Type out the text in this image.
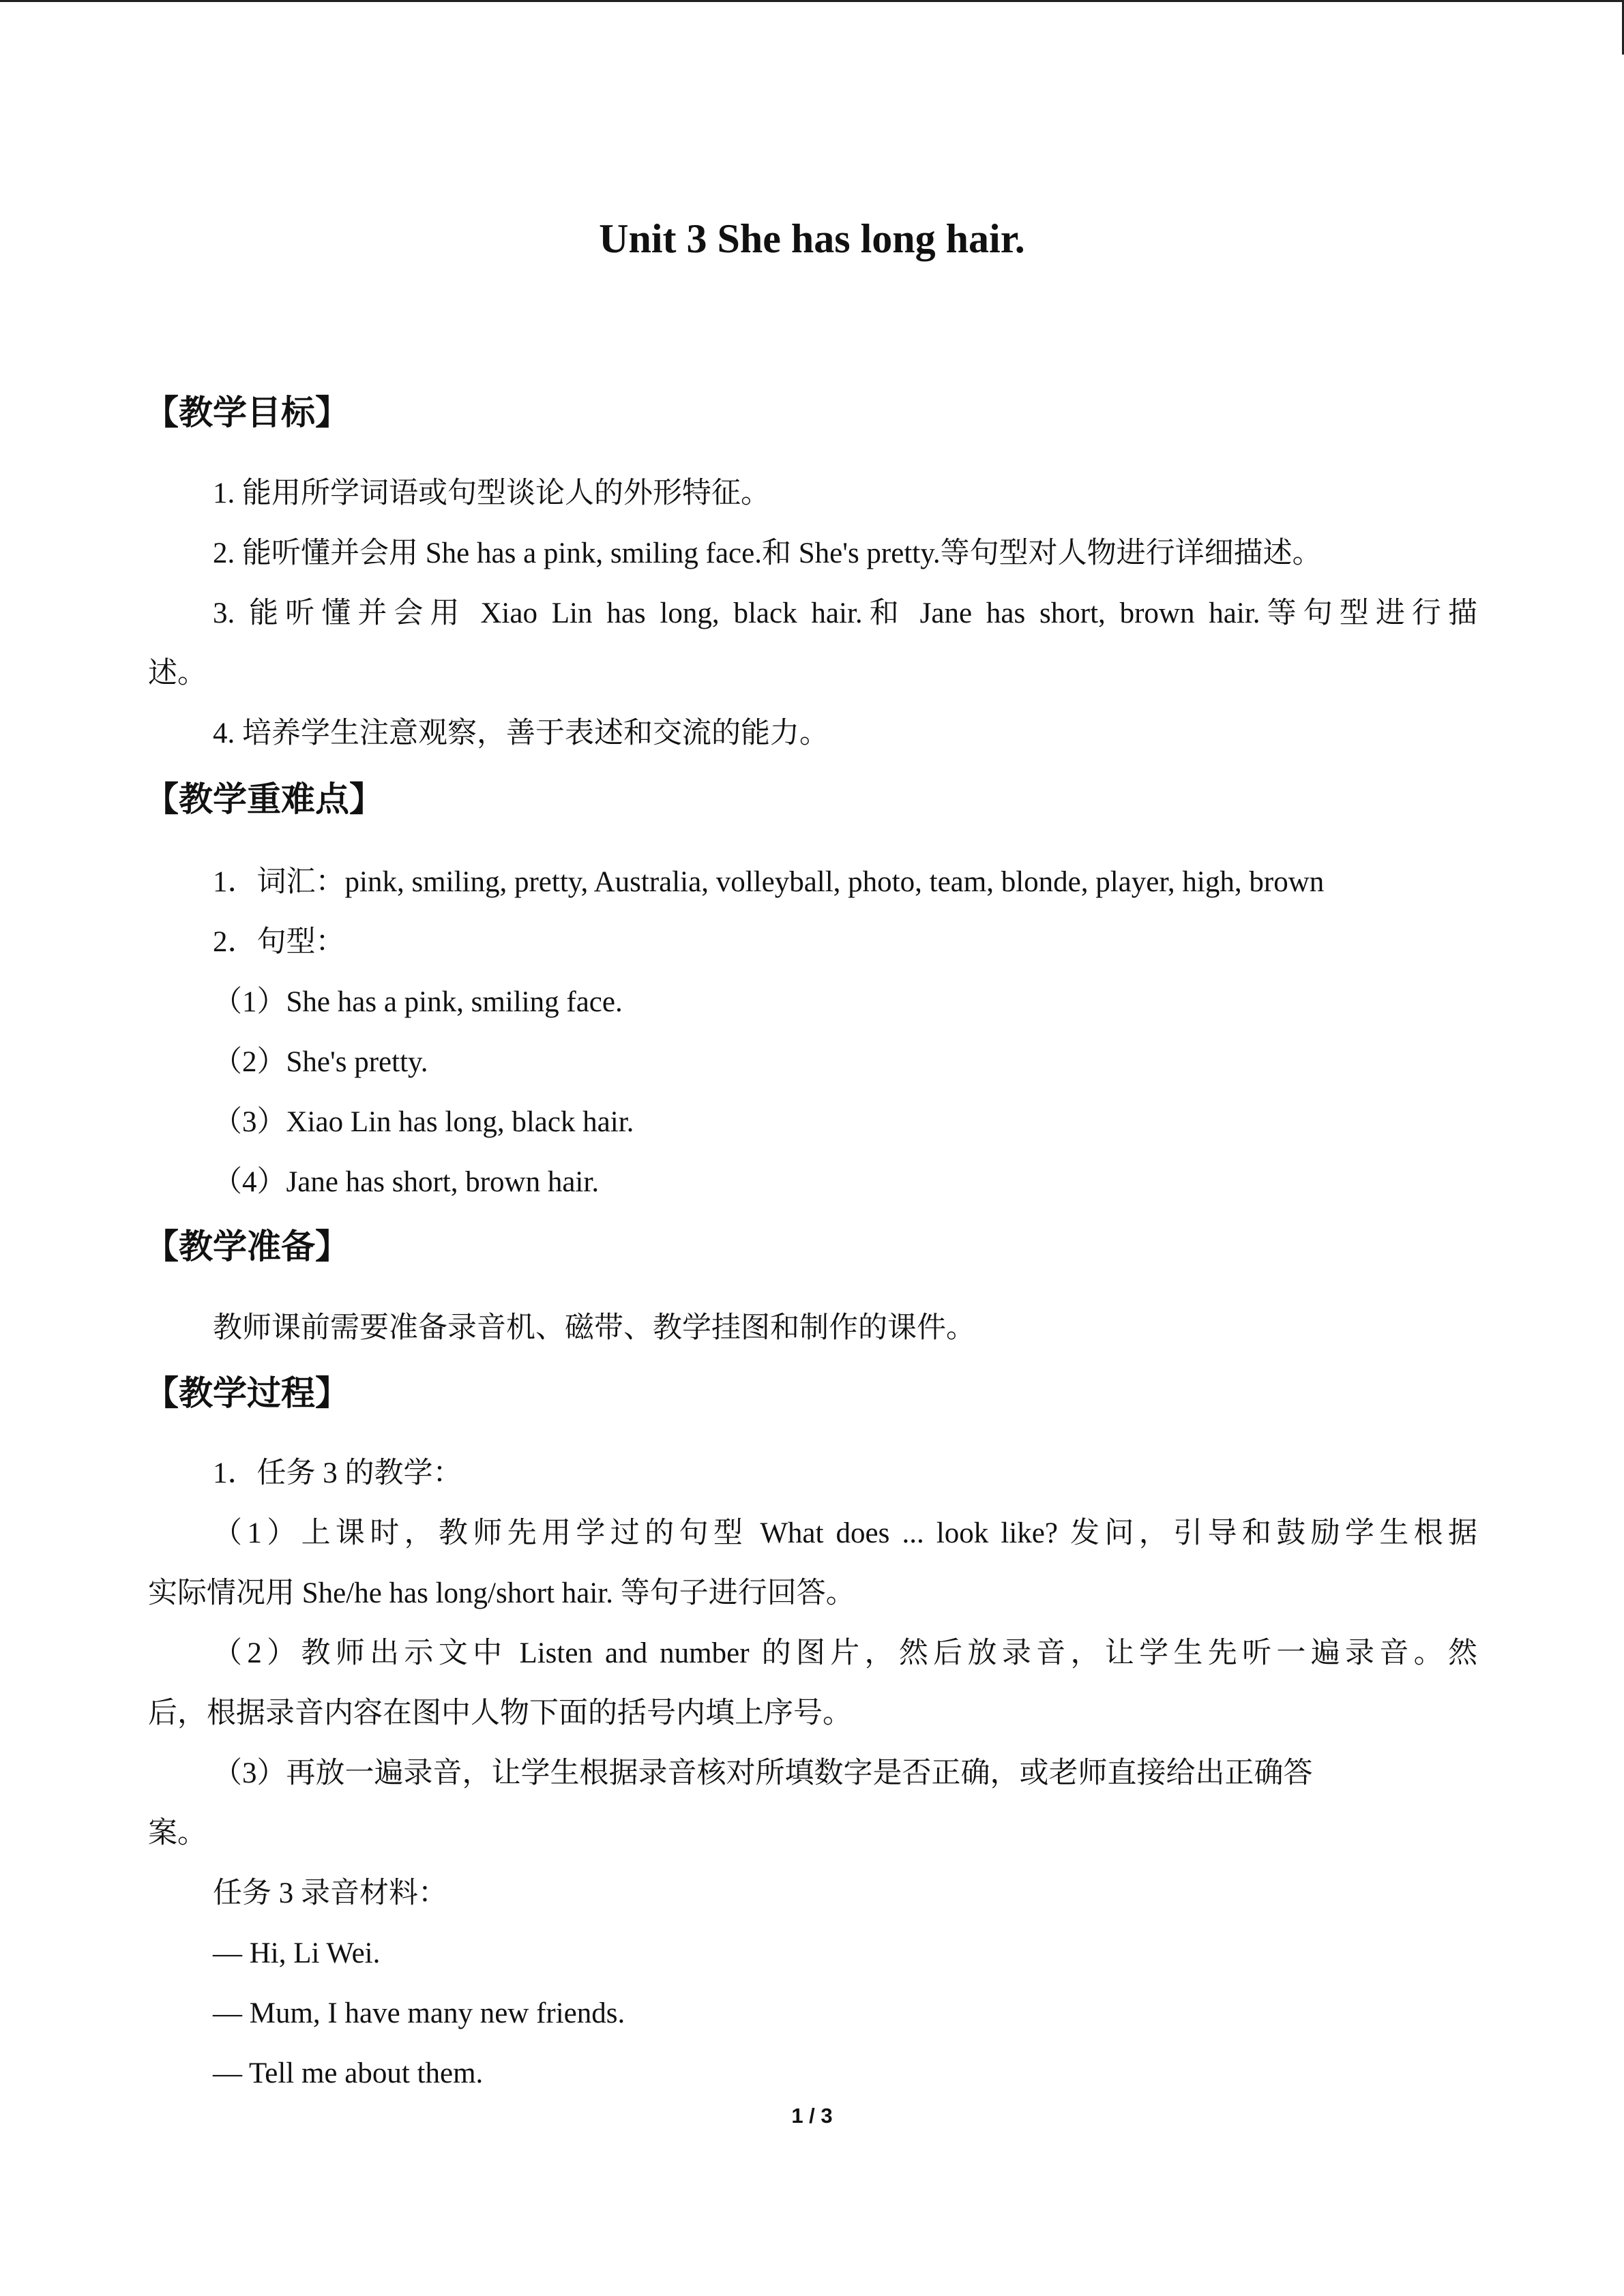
Unit 3 She has long hair.
【教学目标】
1. 能用所学词语或句型谈论人的外形特征。
2. 能听懂并会用 She has a pink, smiling face.和 She's pretty.等句型对人物进行详细描述。
3. 能听懂并会用 Xiao Lin has long, black hair.和 Jane has short, brown hair.等句型进行描
述。
4. 培养学生注意观察，善于表述和交流的能力。
【教学重难点】
1．词汇：pink, smiling, pretty, Australia, volleyball, photo, team, blonde, player, high, brown
2．句型：
（1）She has a pink, smiling face.
（2）She's pretty.
（3）Xiao Lin has long, black hair.
（4）Jane has short, brown hair.
【教学准备】
教师课前需要准备录音机、磁带、教学挂图和制作的课件。
【教学过程】
1．任务 3 的教学：
（1）上课时，教师先用学过的句型 What does ... look like? 发问，引导和鼓励学生根据
实际情况用 She/he has long/short hair. 等句子进行回答。
（2）教师出示文中 Listen and number 的图片，然后放录音，让学生先听一遍录音。然
后，根据录音内容在图中人物下面的括号内填上序号。
（3）再放一遍录音，让学生根据录音核对所填数字是否正确，或老师直接给出正确答
案。
任务 3 录音材料：
— Hi, Li Wei.
— Mum, I have many new friends.
— Tell me about them.
1 / 3
